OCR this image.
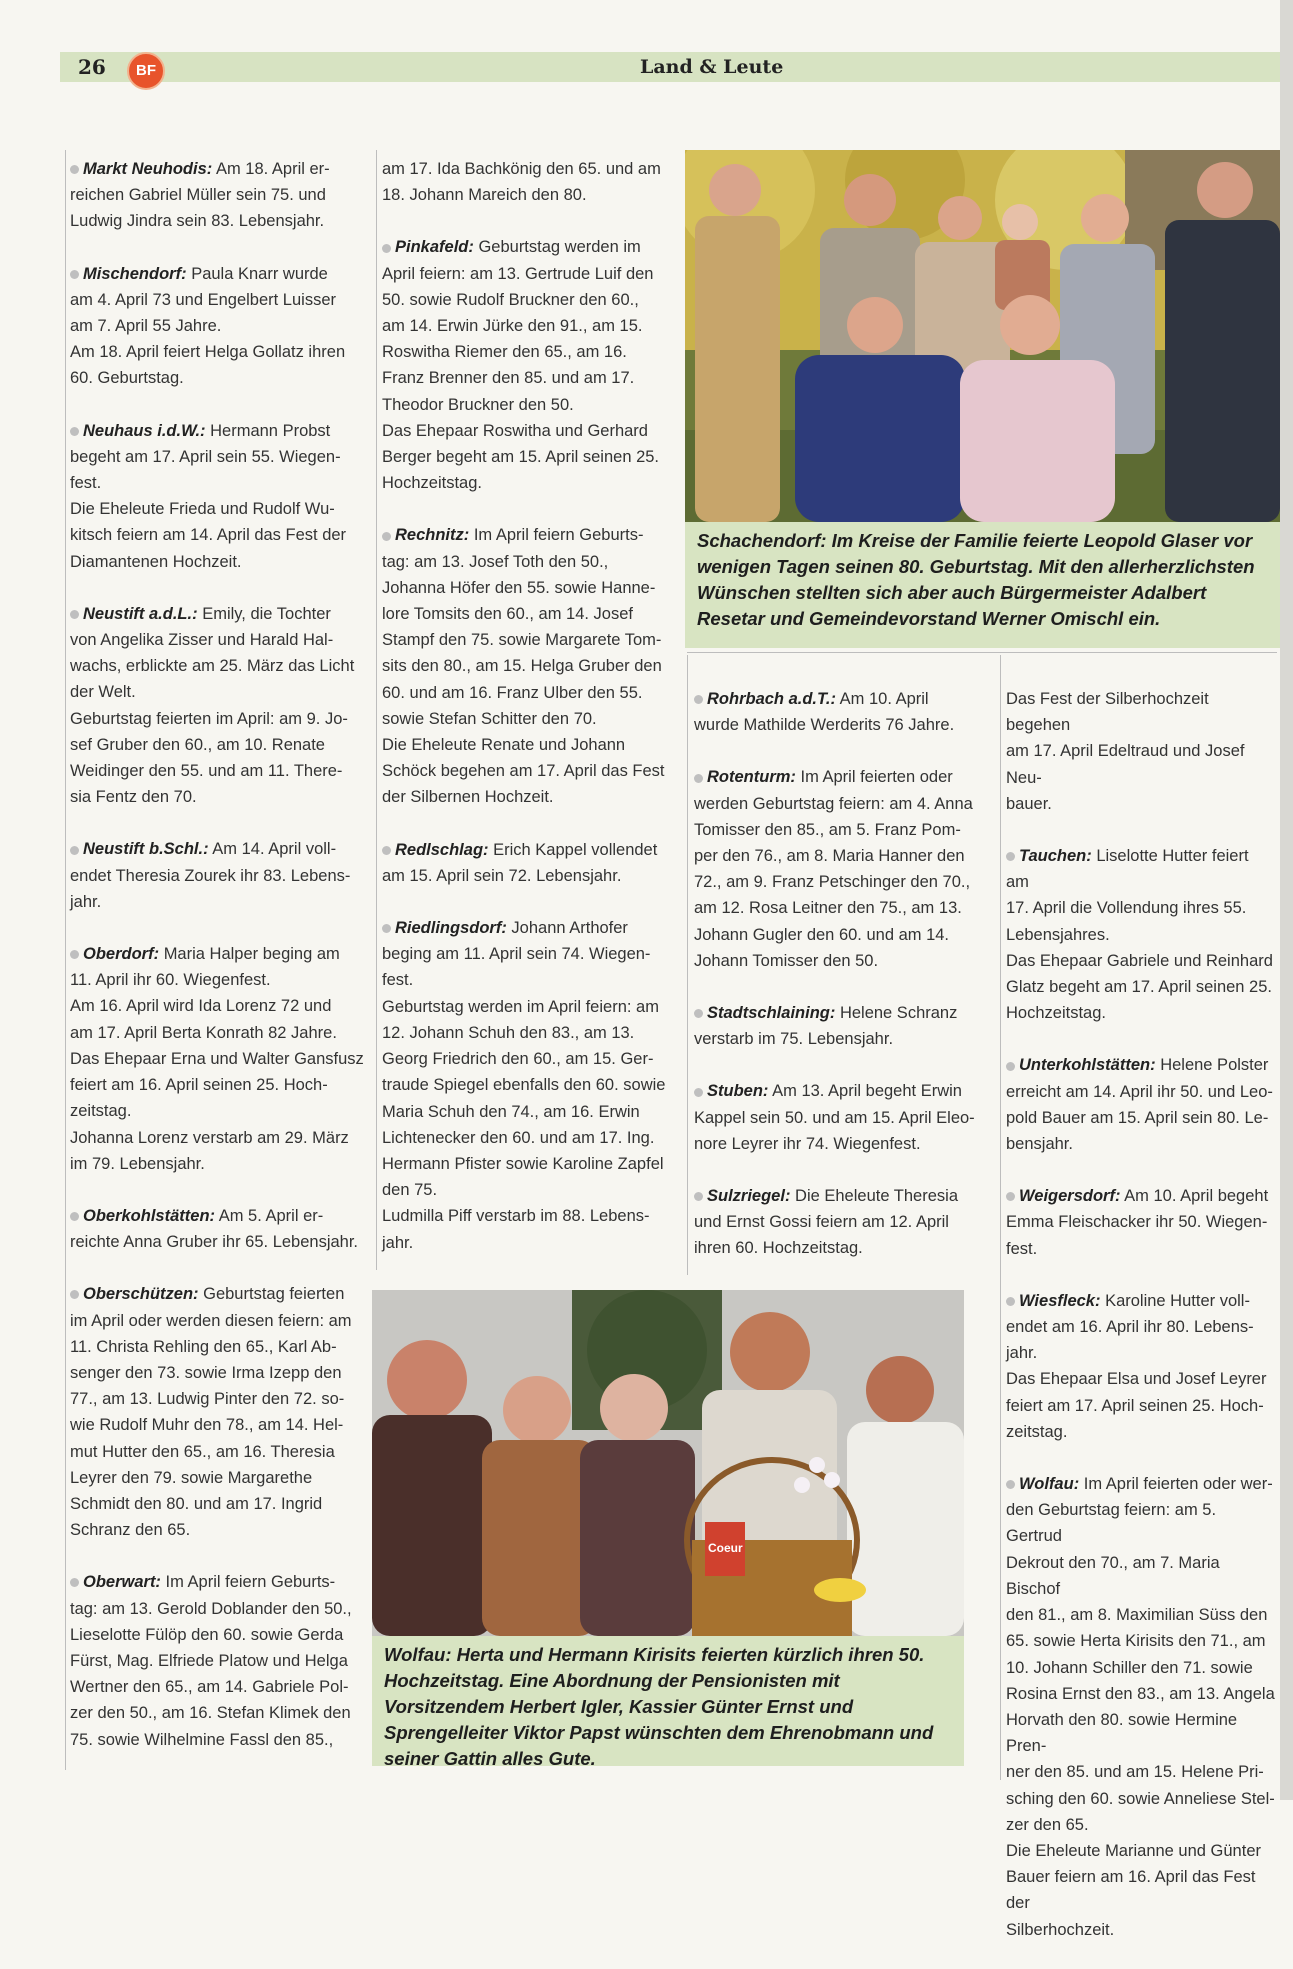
26	BF	Land & Leute

Markt Neuhodis: Am 18. April er-
reichen Gabriel Müller sein 75. und
Ludwig Jindra sein 83. Lebensjahr.

Mischendorf: Paula Knarr wurde
am 4. April 73 und Engelbert Luisser
am 7. April 55 Jahre.
Am 18. April feiert Helga Gollatz ihren
60. Geburtstag.

Neuhaus i.d.W.: Hermann Probst
begeht am 17. April sein 55. Wiegen-
fest.
Die Eheleute Frieda und Rudolf Wu-
kitsch feiern am 14. April das Fest der
Diamantenen Hochzeit.

Neustift a.d.L.: Emily, die Tochter
von Angelika Zisser und Harald Hal-
wachs, erblickte am 25. März das Licht
der Welt.
Geburtstag feierten im April: am 9. Jo-
sef Gruber den 60., am 10. Renate
Weidinger den 55. und am 11. There-
sia Fentz den 70.

Neustift b.Schl.: Am 14. April voll-
endet Theresia Zourek ihr 83. Lebens-
jahr.

Oberdorf: Maria Halper beging am
11. April ihr 60. Wiegenfest.
Am 16. April wird Ida Lorenz 72 und
am 17. April Berta Konrath 82 Jahre.
Das Ehepaar Erna und Walter Gansfusz
feiert am 16. April seinen 25. Hoch-
zeitstag.
Johanna Lorenz verstarb am 29. März
im 79. Lebensjahr.

Oberkohlstätten: Am 5. April er-
reichte Anna Gruber ihr 65. Lebensjahr.

Oberschützen: Geburtstag feierten
im April oder werden diesen feiern: am
11. Christa Rehling den 65., Karl Ab-
senger den 73. sowie Irma Izepp den
77., am 13. Ludwig Pinter den 72. so-
wie Rudolf Muhr den 78., am 14. Hel-
mut Hutter den 65., am 16. Theresia
Leyrer den 79. sowie Margarethe
Schmidt den 80. und am 17. Ingrid
Schranz den 65.

Oberwart: Im April feiern Geburts-
tag: am 13. Gerold Doblander den 50.,
Lieselotte Fülöp den 60. sowie Gerda
Fürst, Mag. Elfriede Platow und Helga
Wertner den 65., am 14. Gabriele Pol-
zer den 50., am 16. Stefan Klimek den
75. sowie Wilhelmine Fassl den 85.,

am 17. Ida Bachkönig den 65. und am
18. Johann Mareich den 80.

Pinkafeld: Geburtstag werden im
April feiern: am 13. Gertrude Luif den
50. sowie Rudolf Bruckner den 60.,
am 14. Erwin Jürke den 91., am 15.
Roswitha Riemer den 65., am 16.
Franz Brenner den 85. und am 17.
Theodor Bruckner den 50.
Das Ehepaar Roswitha und Gerhard
Berger begeht am 15. April seinen 25.
Hochzeitstag.

Rechnitz: Im April feiern Geburts-
tag: am 13. Josef Toth den 50.,
Johanna Höfer den 55. sowie Hanne-
lore Tomsits den 60., am 14. Josef
Stampf den 75. sowie Margarete Tom-
sits den 80., am 15. Helga Gruber den
60. und am 16. Franz Ulber den 55.
sowie Stefan Schitter den 70.
Die Eheleute Renate und Johann
Schöck begehen am 17. April das Fest
der Silbernen Hochzeit.

Redlschlag: Erich Kappel vollendet
am 15. April sein 72. Lebensjahr.

Riedlingsdorf: Johann Arthofer
beging am 11. April sein 74. Wiegen-
fest.
Geburtstag werden im April feiern: am
12. Johann Schuh den 83., am 13.
Georg Friedrich den 60., am 15. Ger-
traude Spiegel ebenfalls den 60. sowie
Maria Schuh den 74., am 16. Erwin
Lichtenecker den 60. und am 17. Ing.
Hermann Pfister sowie Karoline Zapfel
den 75.
Ludmilla Piff verstarb im 88. Lebens-
jahr.

Rohrbach a.d.T.: Am 10. April
wurde Mathilde Werderits 76 Jahre.

Rotenturm: Im April feierten oder
werden Geburtstag feiern: am 4. Anna
Tomisser den 85., am 5. Franz Pom-
per den 76., am 8. Maria Hanner den
72., am 9. Franz Petschinger den 70.,
am 12. Rosa Leitner den 75., am 13.
Johann Gugler den 60. und am 14.
Johann Tomisser den 50.

Stadtschlaining: Helene Schranz
verstarb im 75. Lebensjahr.

Stuben: Am 13. April begeht Erwin
Kappel sein 50. und am 15. April Eleo-
nore Leyrer ihr 74. Wiegenfest.

Sulzriegel: Die Eheleute Theresia
und Ernst Gossi feiern am 12. April
ihren 60. Hochzeitstag.

Das Fest der Silberhochzeit begehen
am 17. April Edeltraud und Josef Neu-
bauer.

Tauchen: Liselotte Hutter feiert am
17. April die Vollendung ihres 55.
Lebensjahres.
Das Ehepaar Gabriele und Reinhard
Glatz begeht am 17. April seinen 25.
Hochzeitstag.

Unterkohlstätten: Helene Polster
erreicht am 14. April ihr 50. und Leo-
pold Bauer am 15. April sein 80. Le-
bensjahr.

Weigersdorf: Am 10. April begeht
Emma Fleischacker ihr 50. Wiegen-
fest.

Wiesfleck: Karoline Hutter voll-
endet am 16. April ihr 80. Lebens-
jahr.
Das Ehepaar Elsa und Josef Leyrer
feiert am 17. April seinen 25. Hoch-
zeitstag.

Wolfau: Im April feierten oder wer-
den Geburtstag feiern: am 5. Gertrud
Dekrout den 70., am 7. Maria Bischof
den 81., am 8. Maximilian Süss den
65. sowie Herta Kirisits den 71., am
10. Johann Schiller den 71. sowie
Rosina Ernst den 83., am 13. Angela
Horvath den 80. sowie Hermine Pren-
ner den 85. und am 15. Helene Pri-
sching den 60. sowie Anneliese Stel-
zer den 65.
Die Eheleute Marianne und Günter
Bauer feiern am 16. April das Fest der
Silberhochzeit.

Schachendorf: Im Kreise der Familie feierte Leopold Glaser vor wenigen Tagen seinen 80. Geburtstag. Mit den allerherzlichsten Wünschen stellten sich aber auch Bürgermeister Adalbert Resetar und Gemeindevorstand Werner Omischl ein.
Coeur
Wolfau: Herta und Hermann Kirisits feierten kürzlich ihren 50. Hochzeitstag. Eine Abordnung der Pensionisten mit Vorsitzendem Herbert Igler, Kassier Günter Ernst und Sprengelleiter Viktor Papst wünschten dem Ehrenobmann und seiner Gattin alles Gute.
